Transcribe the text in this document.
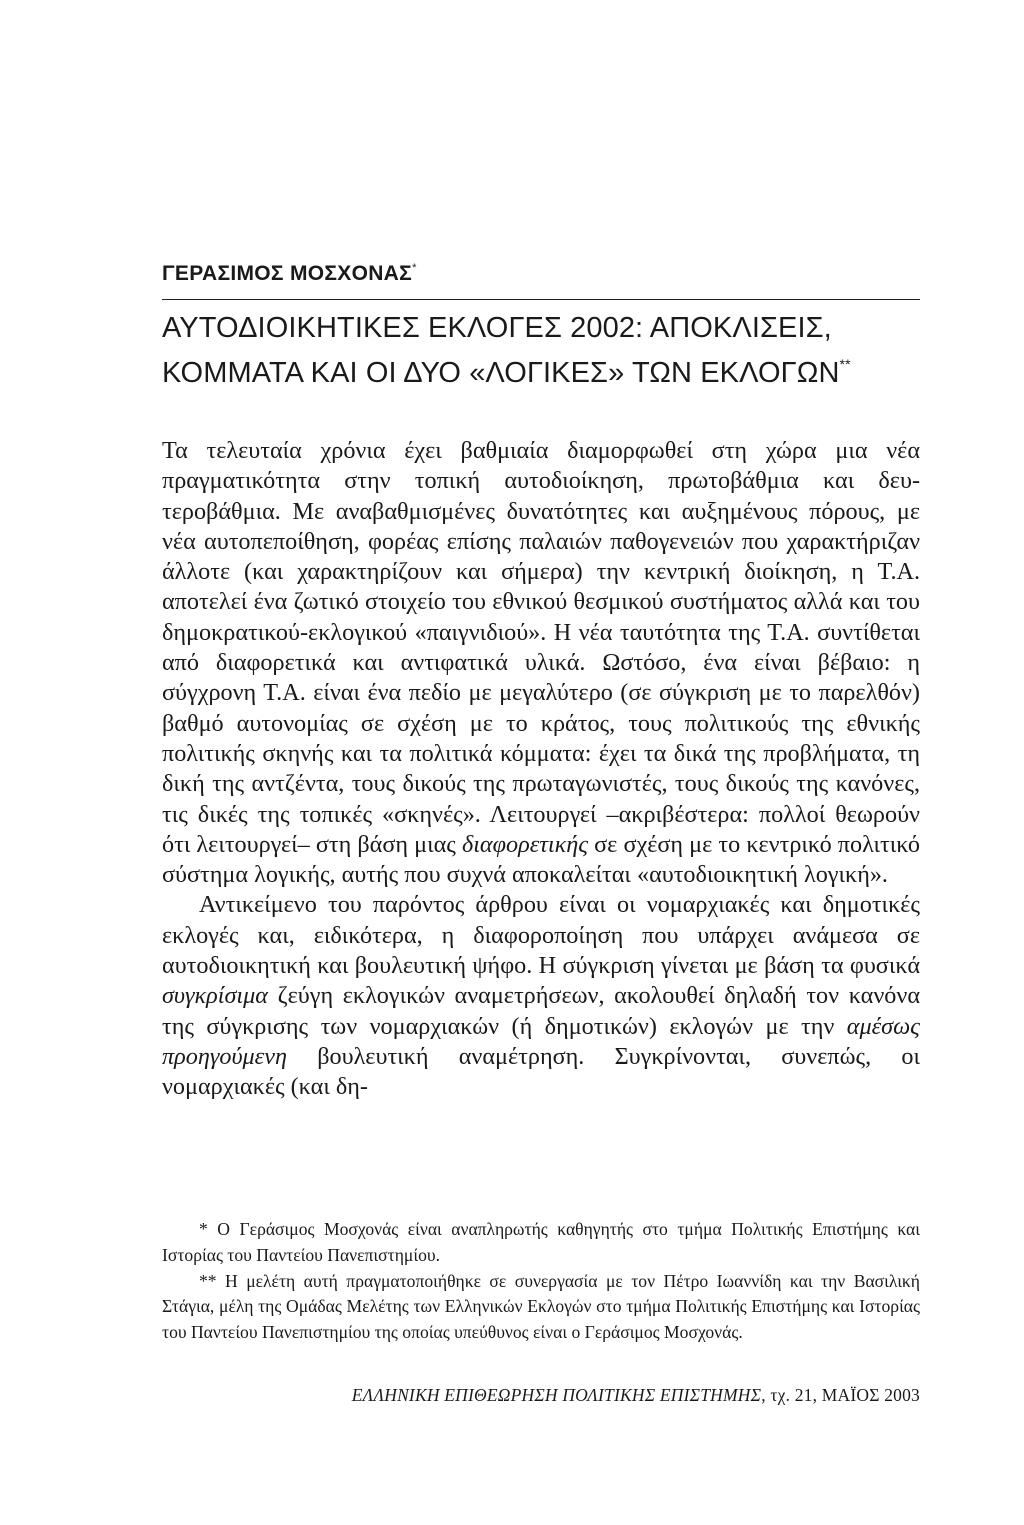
ΓΕΡΑΣΙΜΟΣ ΜΟΣΧΟΝΑΣ*
ΑΥΤΟΔΙΟΙΚΗΤΙΚΕΣ ΕΚΛΟΓΕΣ 2002: ΑΠΟΚΛΙΣΕΙΣ,
ΚΟΜΜΑΤΑ ΚΑΙ ΟΙ ΔΥΟ «ΛΟΓΙΚΕΣ» ΤΩΝ ΕΚΛΟΓΩΝ**

Τα τελευταία χρόνια έχει βαθμιαία διαμορφωθεί στη χώρα μια νέα πραγματικότητα στην τοπική αυτοδιοίκηση, πρωτοβάθμια και δευτεροβάθμια. Με αναβαθμισμένες δυνατότητες και αυξημένους πόρους, με νέα αυτοπεποίθηση, φορέας επίσης παλαιών παθογενειών που χαρακτήριζαν άλλοτε (και χαρακτηρίζουν και σήμερα) την κεντρική διοίκηση, η Τ.Α. αποτελεί ένα ζωτικό στοιχείο του εθνικού θεσμικού συστήματος αλλά και του δημοκρατικού-εκλογικού «παιγνιδιού». Η νέα ταυτότητα της Τ.Α. συντίθεται από διαφορετικά και αντιφατικά υλικά. Ωστόσο, ένα είναι βέβαιο: η σύγχρονη Τ.Α. είναι ένα πεδίο με μεγαλύτερο (σε σύγκριση με το παρελθόν) βαθμό αυτονομίας σε σχέση με το κράτος, τους πολιτικούς της εθνικής πολιτικής σκηνής και τα πολιτικά κόμματα: έχει τα δικά της προβλήματα, τη δική της αντζέντα, τους δικούς της πρωταγωνιστές, τους δικούς της κανόνες, τις δικές της τοπικές «σκηνές». Λειτουργεί –ακριβέστερα: πολλοί θεωρούν ότι λειτουργεί– στη βάση μιας διαφορετικής σε σχέση με το κεντρικό πολιτικό σύστημα λογικής, αυτής που συχνά αποκαλείται «αυτοδιοικητική λογική».

Αντικείμενο του παρόντος άρθρου είναι οι νομαρχιακές και δημοτικές εκλογές και, ειδικότερα, η διαφοροποίηση που υπάρχει ανάμεσα σε αυτοδιοικητική και βουλευτική ψήφο. Η σύγκριση γίνεται με βάση τα φυσικά συγκρίσιμα ζεύγη εκλογικών αναμετρήσεων, ακολουθεί δηλαδή τον κανόνα της σύγκρισης των νομαρχιακών (ή δημοτικών) εκλογών με την αμέσως προηγούμενη βουλευτική αναμέτρηση. Συγκρίνονται, συνεπώς, οι νομαρχιακές (και δη-

* Ο Γεράσιμος Μοσχονάς είναι αναπληρωτής καθηγητής στο τμήμα Πολιτικής Επιστήμης και Ιστορίας του Παντείου Πανεπιστημίου.

** Η μελέτη αυτή πραγματοποιήθηκε σε συνεργασία με τον Πέτρο Ιωαννίδη και την Βασιλική Στάγια, μέλη της Ομάδας Μελέτης των Ελληνικών Εκλογών στο τμήμα Πολιτικής Επιστήμης και Ιστορίας του Παντείου Πανεπιστημίου της οποίας υπεύθυνος είναι ο Γεράσιμος Μοσχονάς.

ΕΛΛΗΝΙΚΗ ΕΠΙΘΕΩΡΗΣΗ ΠΟΛΙΤΙΚΗΣ ΕΠΙΣΤΗΜΗΣ, τχ. 21, ΜΑΪΟΣ 2003
